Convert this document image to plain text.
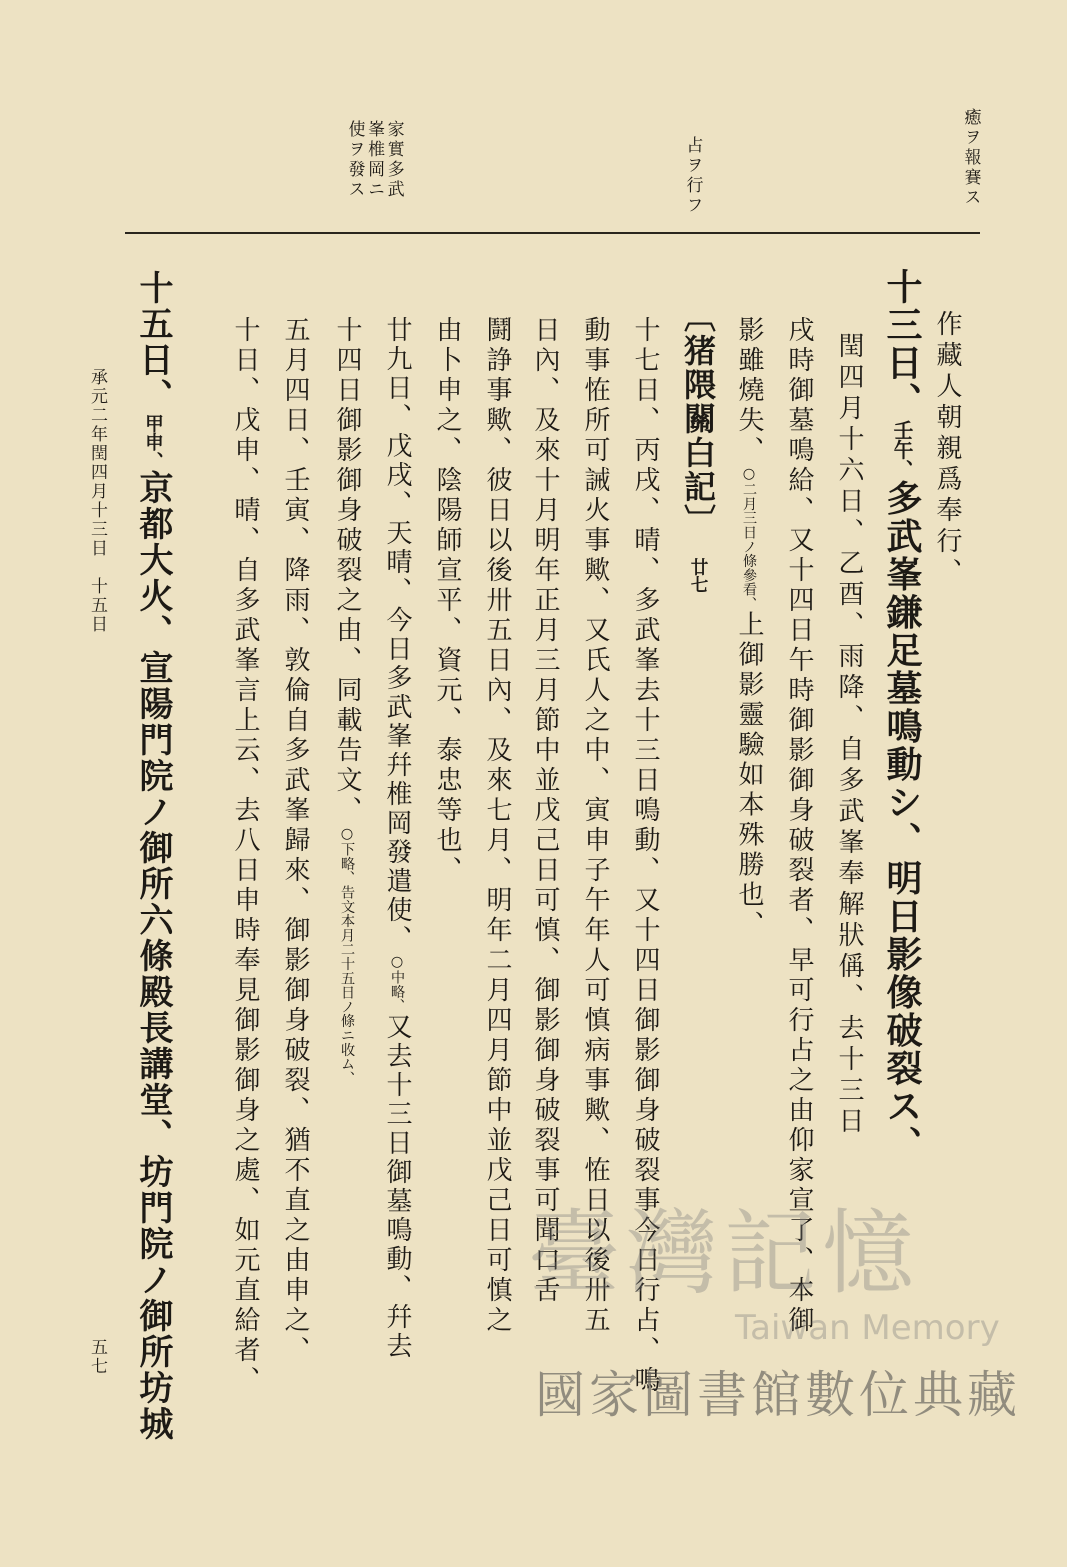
癒ヲ報賽ス
占ヲ行フ
家實多武峯椎岡ニ使ヲ發ス
作藏人朝親爲奉行、
十三日、壬午、多武峯鎌足墓鳴動シ、明日影像破裂ス、
閏四月十六日、乙酉、雨降、自多武峯奉解狀偁、去十三日
戌時御墓鳴給、又十四日午時御影御身破裂者、早可行占之由仰家宣了、本御
影雖燒失、○二月三日ノ條參看、上御影靈驗如本殊勝也、
〔猪隈關白記〕廿七
十七日、丙戌、晴、多武峯去十三日鳴動、又十四日御影御身破裂事今日行占、鳴
動事恠所可誡火事歟、又氏人之中、寅申子午年人可慎病事歟、恠日以後卅五
日內、及來十月明年正月三月節中並戊己日可慎、御影御身破裂事可聞口舌
鬪諍事歟、彼日以後卅五日內、及來七月、明年二月四月節中並戊己日可慎之
由卜申之、陰陽師宣平、資元、泰忠等也、
廿九日、戊戌、天晴、今日多武峯幷椎岡發遣使、○中略、又去十三日御墓鳴動、幷去
十四日御影御身破裂之由、同載告文、○下略、告文本月二十五日ノ條ニ收ム、
五月四日、壬寅、降雨、敦倫自多武峯歸來、御影御身破裂、猶不直之由申之、
十日、戊申、晴、自多武峯言上云、去八日申時奉見御影御身之處、如元直給者、
十五日、甲申、京都大火、宣陽門院ノ御所六條殿長講堂、坊門院ノ御所坊城
承元二年閏四月十三日　十五日
五七
臺灣記憶
Taiwan Memory
國家圖書館數位典藏
